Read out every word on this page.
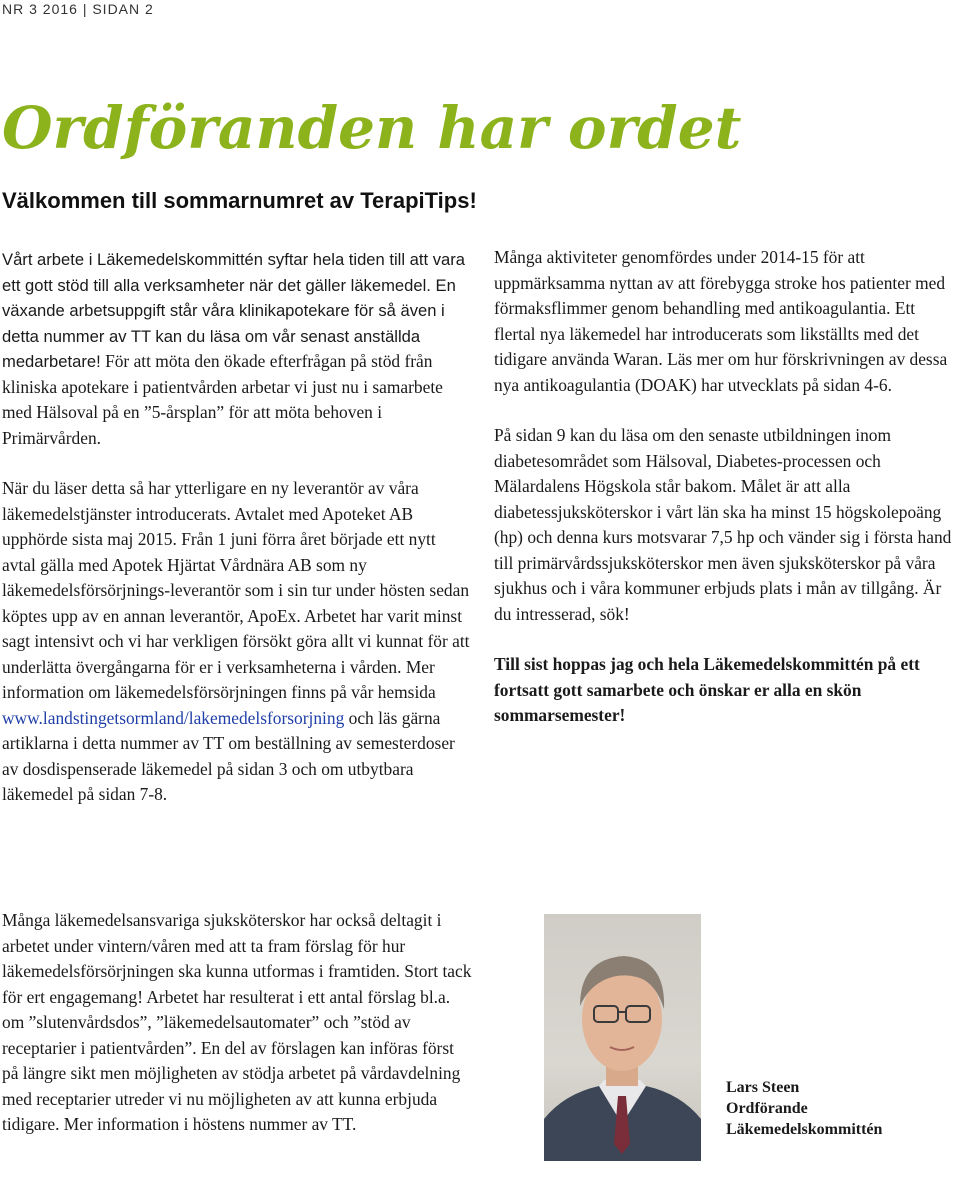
NR 3 2016 | SIDAN 2
Ordföranden har ordet
Välkommen till sommarnumret av TerapiTips!

Vårt arbete i Läkemedelskommittén syftar hela tiden till att vara ett gott stöd till alla verksamheter när det gäller läkemedel. En växande arbetsuppgift står våra klinikapotekare för så även i detta nummer av TT kan du läsa om vår senast anställda medarbetare! För att möta den ökade efterfrågan på stöd från kliniska apotekare i patientvården arbetar vi just nu i samarbete med Hälsoval på en ”5-årsplan” för att möta behoven i Primärvården.

När du läser detta så har ytterligare en ny leverantör av våra läkemedelstjänster introducerats. Avtalet med Apoteket AB upphörde sista maj 2015. Från 1 juni förra året började ett nytt avtal gälla med Apotek Hjärtat Vårdnära AB som ny läkemedelsförsörjnings-leverantör som i sin tur under hösten sedan köptes upp av en annan leverantör, ApoEx. Arbetet har varit minst sagt intensivt och vi har verkligen försökt göra allt vi kunnat för att underlätta övergångarna för er i verksamheterna i vården. Mer information om läkemedelsförsörjningen finns på vår hemsida www.landstingetsormland/lakemedelsforsorjning och läs gärna artiklarna i detta nummer av TT om beställning av semesterdoser av dosdispenserade läkemedel på sidan 3 och om utbytbara läkemedel på sidan 7-8.

Många läkemedelsansvariga sjuksköterskor har också deltagit i arbetet under vintern/våren med att ta fram förslag för hur läkemedelsförsörjningen ska kunna utformas i framtiden. Stort tack för ert engagemang! Arbetet har resulterat i ett antal förslag bl.a. om ”slutenvårdsdos”, ”läkemedelsautomater” och ”stöd av receptarier i patientvården”. En del av förslagen kan införas först på längre sikt men möjligheten av stödja arbetet på vårdavdelning med receptarier utreder vi nu möjligheten av att kunna erbjuda tidigare. Mer information i höstens nummer av TT.

Många aktiviteter genomfördes under 2014-15 för att uppmärksamma nyttan av att förebygga stroke hos patienter med förmaksflimmer genom behandling med antikoagulantia. Ett flertal nya läkemedel har introducerats som likställts med det tidigare använda Waran. Läs mer om hur förskrivningen av dessa nya antikoagulantia (DOAK) har utvecklats på sidan 4-6.

På sidan 9 kan du läsa om den senaste utbildningen inom diabetesområdet som Hälsoval, Diabetes-processen och Mälardalens Högskola står bakom. Målet är att alla diabetessjuksköterskor i vårt län ska ha minst 15 högskolepoäng (hp) och denna kurs motsvarar 7,5 hp och vänder sig i första hand till primärvårdssjuksköterskor men även sjuksköterskor på våra sjukhus och i våra kommuner erbjuds plats i mån av tillgång. Är du intresserad, sök!

Till sist hoppas jag och hela Läkemedelskommittén på ett fortsatt gott samarbete och önskar er alla en skön sommarsemester!

Lars Steen
Ordförande
Läkemedelskommittén
